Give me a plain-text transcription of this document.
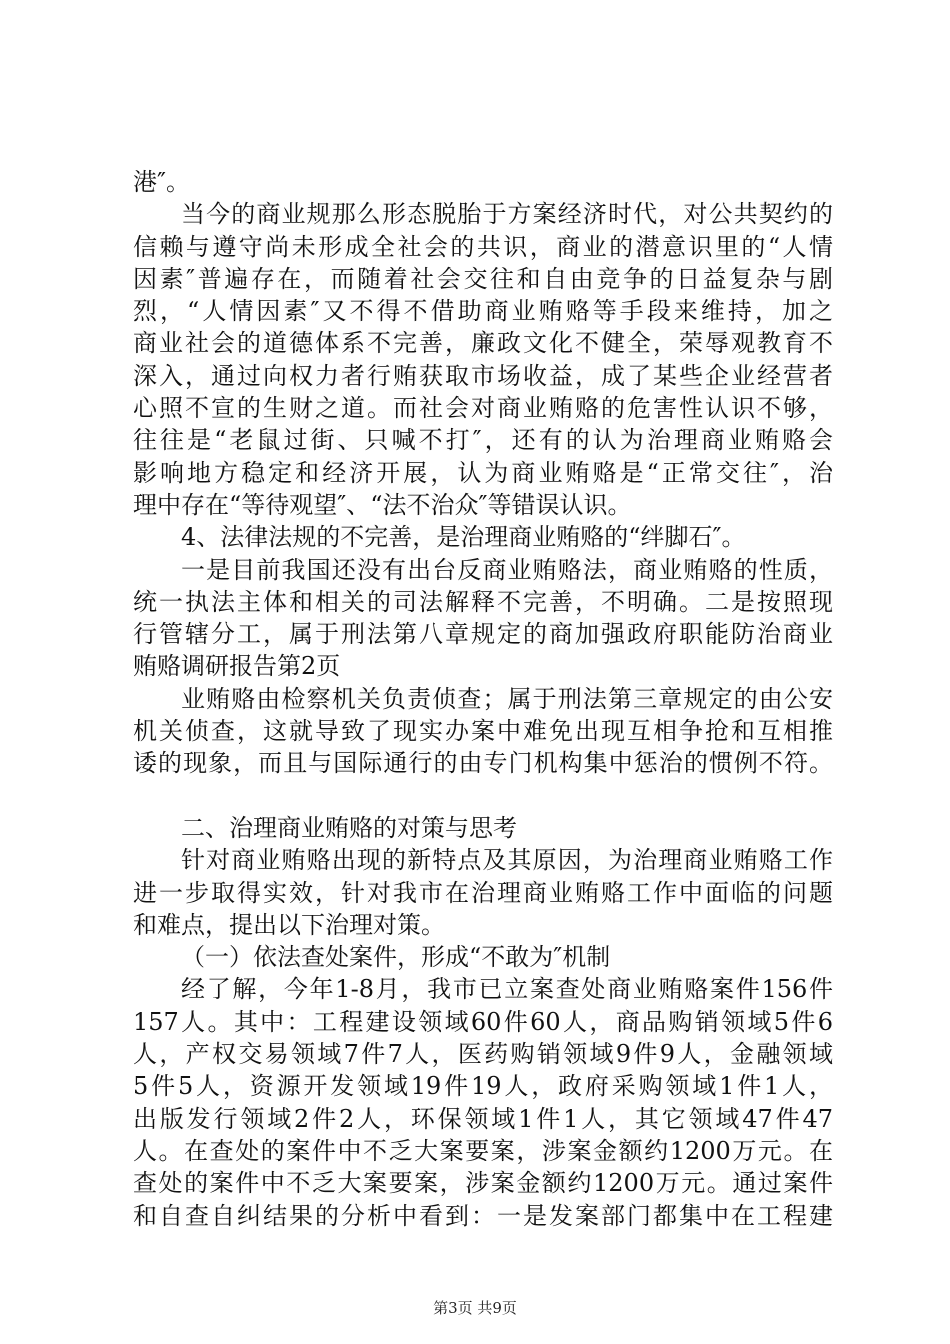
港″。
当今的商业规那么形态脱胎于方案经济时代，对公共契约的
信赖与遵守尚未形成全社会的共识，商业的潜意识里的“人情
因素″普遍存在，而随着社会交往和自由竞争的日益复杂与剧
烈，“人情因素″又不得不借助商业贿赂等手段来维持，加之
商业社会的道德体系不完善，廉政文化不健全，荣辱观教育不
深入，通过向权力者行贿获取市场收益，成了某些企业经营者
心照不宣的生财之道。而社会对商业贿赂的危害性认识不够，
往往是“老鼠过街、只喊不打″，还有的认为治理商业贿赂会
影响地方稳定和经济开展，认为商业贿赂是“正常交往″，治
理中存在“等待观望″、“法不治众″等错误认识。
4、法律法规的不完善，是治理商业贿赂的“绊脚石″。
一是目前我国还没有出台反商业贿赂法，商业贿赂的性质，
统一执法主体和相关的司法解释不完善，不明确。二是按照现
行管辖分工，属于刑法第八章规定的商加强政府职能防治商业
贿赂调研报告第2页
业贿赂由检察机关负责侦查；属于刑法第三章规定的由公安
机关侦查，这就导致了现实办案中难免出现互相争抢和互相推
诿的现象，而且与国际通行的由专门机构集中惩治的惯例不符。
二、治理商业贿赂的对策与思考
针对商业贿赂出现的新特点及其原因，为治理商业贿赂工作
进一步取得实效，针对我市在治理商业贿赂工作中面临的问题
和难点，提出以下治理对策。
（一）依法查处案件，形成“不敢为″机制
经了解，今年1-8月，我市已立案查处商业贿赂案件156件
157人。其中：工程建设领域60件60人，商品购销领域5件6
人，产权交易领域7件7人，医药购销领域9件9人，金融领域
5件5人，资源开发领域19件19人，政府采购领域1件1人，
出版发行领域2件2人，环保领域1件1人，其它领域47件47
人。在查处的案件中不乏大案要案，涉案金额约1200万元。在
查处的案件中不乏大案要案，涉案金额约1200万元。通过案件
和自查自纠结果的分析中看到：一是发案部门都集中在工程建
第3页 共9页
